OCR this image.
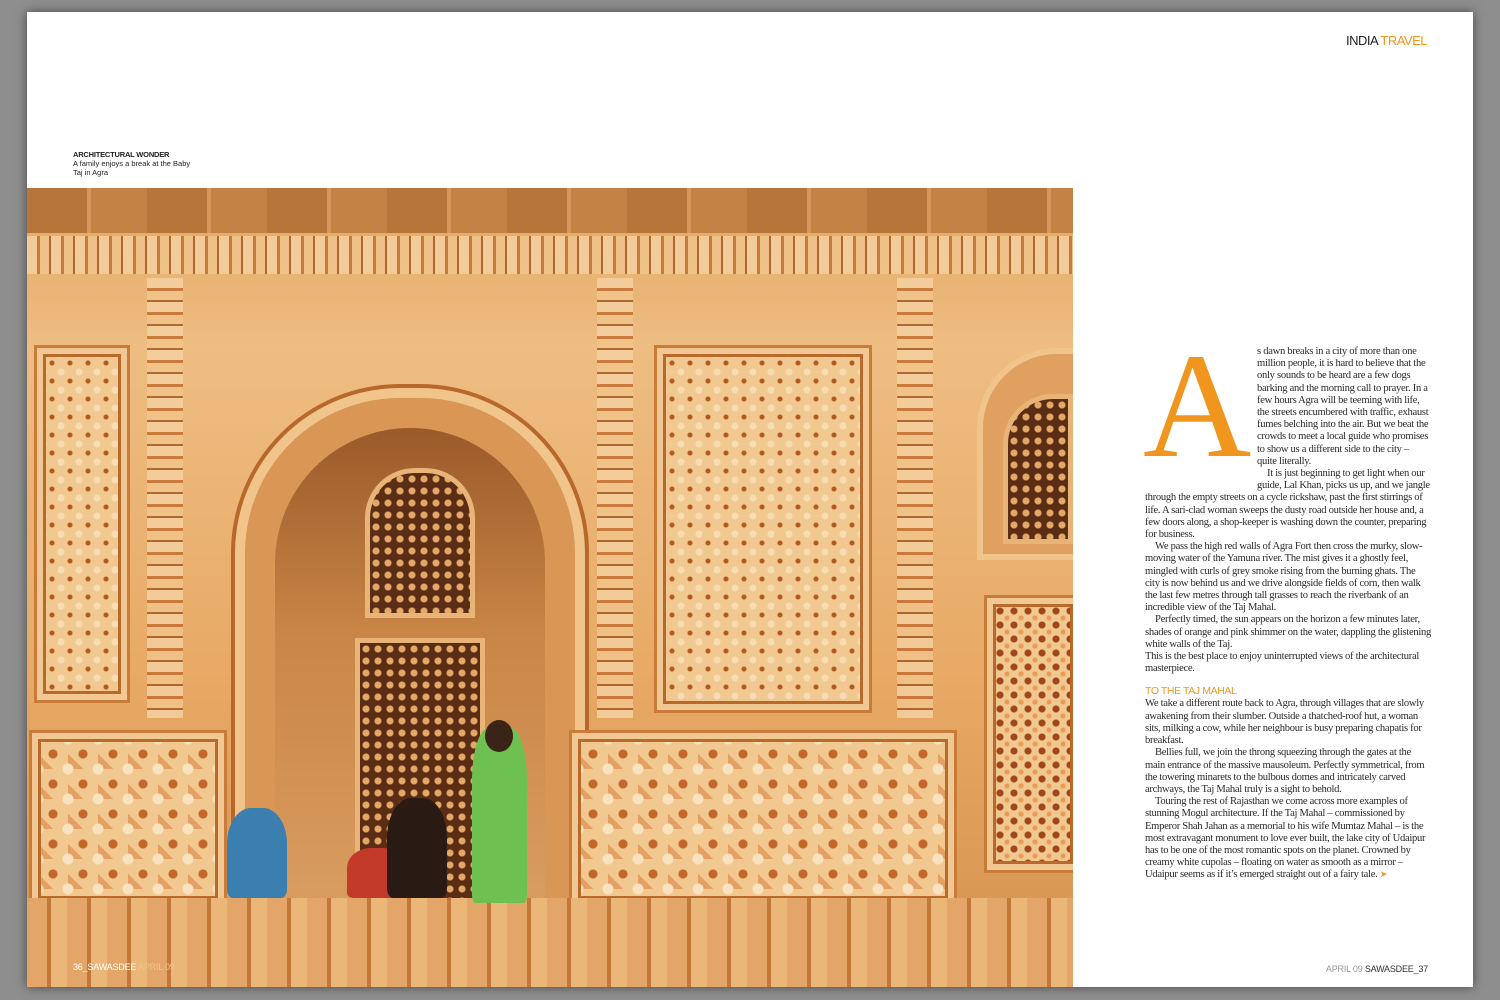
INDIA TRAVEL
ARCHITECTURAL WONDER
A family enjoys a break at the Baby Taj in Agra
36_SAWASDEE APRIL 09	APRIL 09 SAWASDEE_37
A s dawn breaks in a city of more than one million people, it is hard to believe that the only sounds to be heard are a few dogs barking and the morning call to prayer. In a few hours Agra will be teeming with life, the streets encumbered with traffic, exhaust fumes belching into the air. But we beat the crowds to meet a local guide who promises to show us a different side to the city – quite literally.

It is just beginning to get light when our guide, Lal Khan, picks us up, and we jangle through the empty streets on a cycle rickshaw, past the first stirrings of life. A sari-clad woman sweeps the dusty road outside her house and, a few doors along, a shop-keeper is washing down the counter, preparing for business.

We pass the high red walls of Agra Fort then cross the murky, slow-moving water of the Yamuna river. The mist gives it a ghostly feel, mingled with curls of grey smoke rising from the burning ghats. The city is now behind us and we drive alongside fields of corn, then walk the last few metres through tall grasses to reach the riverbank of an incredible view of the Taj Mahal.

Perfectly timed, the sun appears on the horizon a few minutes later, shades of orange and pink shimmer on the water, dappling the glistening white walls of the Taj.

This is the best place to enjoy uninterrupted views of the architectural masterpiece.

TO THE TAJ MAHAL

We take a different route back to Agra, through villages that are slowly awakening from their slumber. Outside a thatched-roof hut, a woman sits, milking a cow, while her neighbour is busy preparing chapatis for breakfast.

Bellies full, we join the throng squeezing through the gates at the main entrance of the massive mausoleum. Perfectly symmetrical, from the towering minarets to the bulbous domes and intricately carved archways, the Taj Mahal truly is a sight to behold.

Touring the rest of Rajasthan we come across more examples of stunning Mogul architecture. If the Taj Mahal – commissioned by Emperor Shah Jahan as a memorial to his wife Mumtaz Mahal – is the most extravagant monument to love ever built, the lake city of Udaipur has to be one of the most romantic spots on the planet. Crowned by creamy white cupolas – floating on water as smooth as a mirror – Udaipur seems as if it’s emerged straight out of a fairy tale. ➤
